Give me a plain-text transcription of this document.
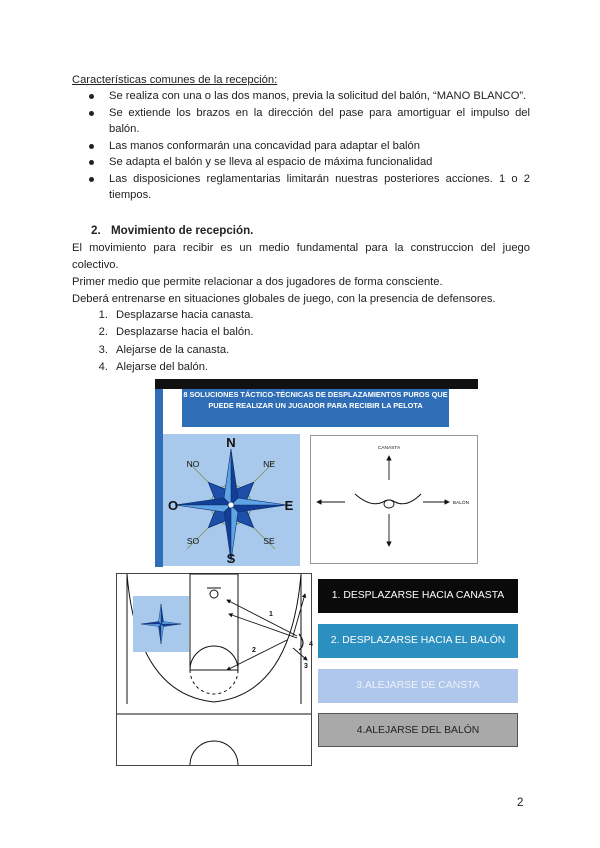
Características comunes de la recepción:
Se realiza con una o las dos manos, previa la solicitud del balón, “MANO BLANCO”.
Se extiende los brazos en la dirección del pase para amortiguar el impulso del balón.
Las manos conformarán una concavidad para adaptar el balón
Se adapta el balón y se lleva al espacio de máxima funcionalidad
Las disposiciones reglamentarias limitarán nuestras posteriores acciones. 1 o 2 tiempos.
2. Movimiento de recepción.
El movimiento para recibir es un medio fundamental para la construccion del juego colectivo.
Primer medio que permite relacionar a dos jugadores de forma consciente.
Deberá entrenarse en situaciones globales de juego, con la presencia de defensores.
1. Desplazarse hacia canasta.
2. Desplazarse hacia el balón.
3. Alejarse de la canasta.
4. Alejarse del balón.
8 SOLUCIONES TÁCTICO-TÉCNICAS DE DESPLAZAMIENTOS PUROS QUE PUEDE REALIZAR UN JUGADOR PARA RECIBIR LA PELOTA
N
S
E
O
NE
NO
SE
SO
CANASTA
BALÓN
1
2
3
4
1. DESPLAZARSE HACIA CANASTA
2. DESPLAZARSE HACIA EL BALÓN
3.ALEJARSE DE CANSTA
4.ALEJARSE DEL BALÓN
2
